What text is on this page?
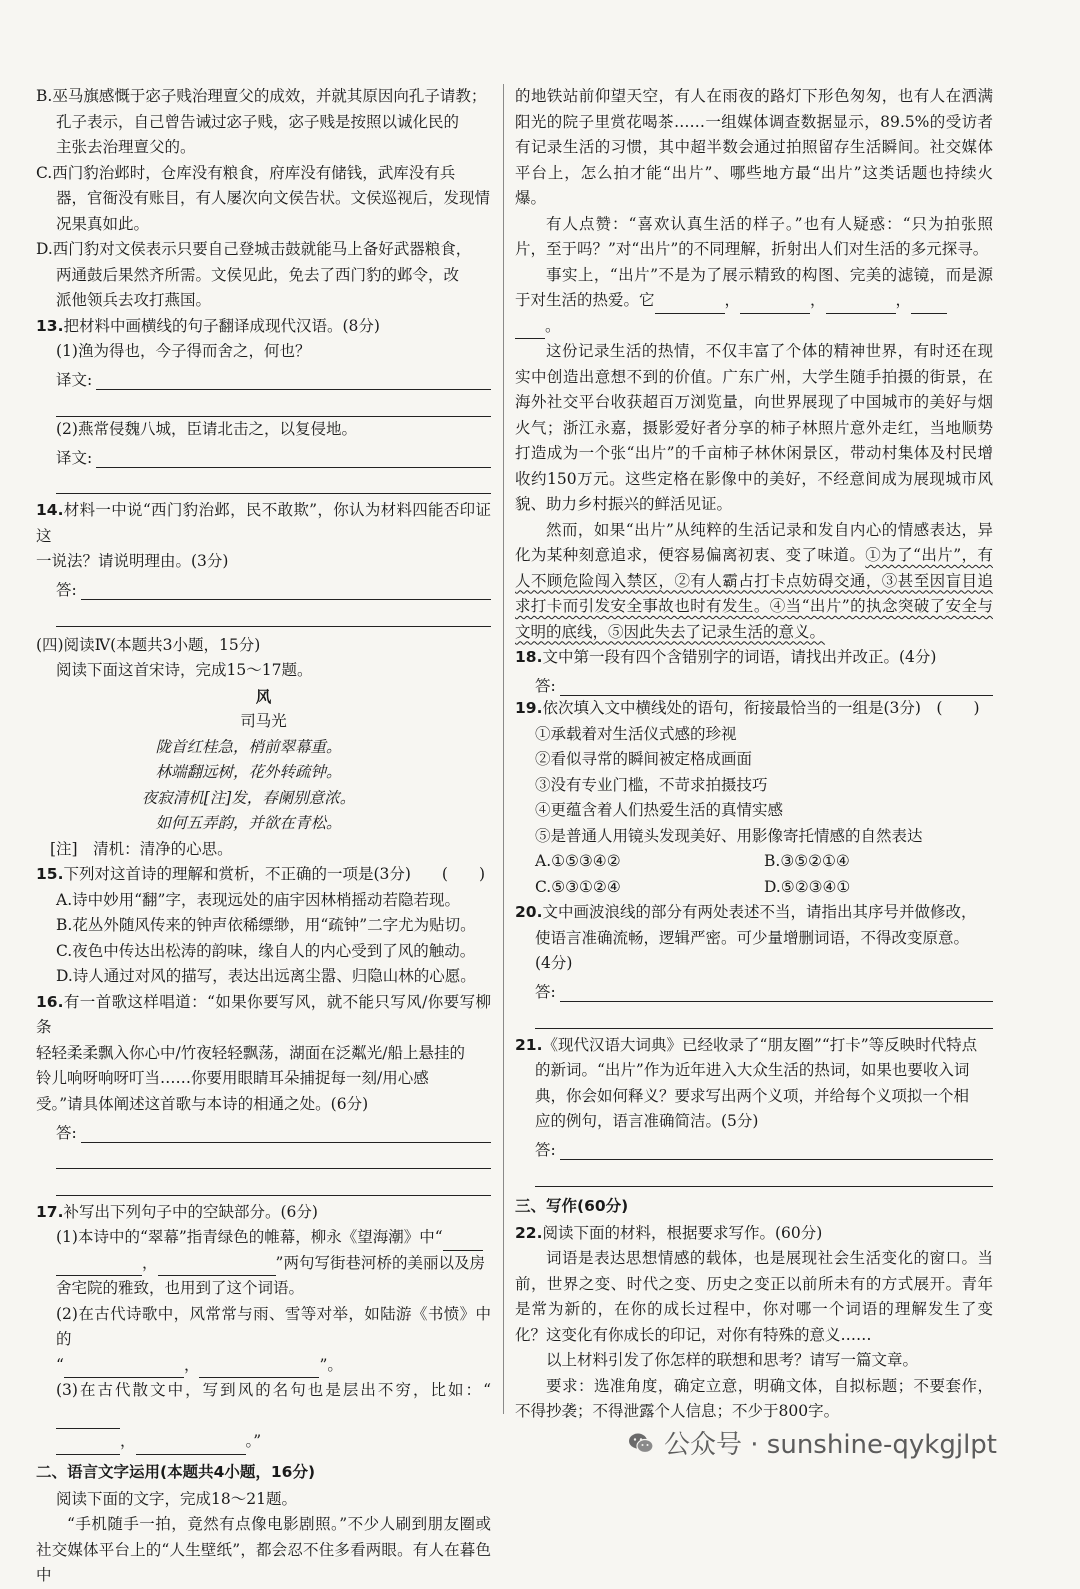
B.巫马旗感慨于宓子贱治理亶父的成效，并就其原因向孔子请教；
孔子表示，自己曾告诫过宓子贱，宓子贱是按照以诚化民的
主张去治理亶父的。

C.西门豹治邺时，仓库没有粮食，府库没有储钱，武库没有兵
器，官衙没有账目，有人屡次向文侯告状。文侯巡视后，发现情
况果真如此。

D.西门豹对文侯表示只要自己登城击鼓就能马上备好武器粮食，
两通鼓后果然齐所需。文侯见此，免去了西门豹的邺令，改
派他领兵去攻打燕国。

13.把材料中画横线的句子翻译成现代汉语。(8分)

(1)渔为得也，今子得而舍之，何也？

译文:

(2)燕常侵魏八城，臣请北击之，以复侵地。

译文:

14.材料一中说“西门豹治邺，民不敢欺”，你认为材料四能否印证这
一说法？请说明理由。(3分)

答:

(四)阅读Ⅳ(本题共3小题，15分)

阅读下面这首宋诗，完成15～17题。

风

司马光

陇首红桂急，梢前翠幕重。

林端翻远树，花外转疏钟。

夜寂清机[注]发，春阑别意浓。

如何五弄韵，并欲在青松。

[注]　清机：清净的心思。

15.下列对这首诗的理解和赏析，不正确的一项是(3分)　　(　　)

A.诗中妙用“翻”字，表现远处的庙宇因林梢摇动若隐若现。

B.花丛外随风传来的钟声依稀缥缈，用“疏钟”二字尤为贴切。

C.夜色中传达出松涛的韵味，缘自人的内心受到了风的触动。

D.诗人通过对风的描写，表达出远离尘嚣、归隐山林的心愿。

16.有一首歌这样唱道：“如果你要写风，就不能只写风/你要写柳条
轻轻柔柔飘入你心中/竹夜轻轻飘荡，湖面在泛粼光/船上悬挂的
铃儿响呀响呀叮当……你要用眼睛耳朵捕捉每一刻/用心感
受。”请具体阐述这首歌与本诗的相通之处。(6分)

答:

17.补写出下列句子中的空缺部分。(6分)

(1)本诗中的“翠幕”指青绿色的帷幕，柳永《望海潮》中“
，	”两句写街巷河桥的美丽以及房
舍宅院的雅致，也用到了这个词语。

(2)在古代诗歌中，风常常与雨、雪等对举，如陆游《书愤》中的
“	，	”。

(3)在古代散文中，写到风的名句也是层出不穷，比如：“
，	。”

二、语言文字运用(本题共4小题，16分)

阅读下面的文字，完成18～21题。

“手机随手一拍，竟然有点像电影剧照。”不少人刷到朋友圈或社交媒体平台上的“人生壁纸”，都会忍不住多看两眼。有人在暮色中

的地铁站前仰望天空，有人在雨夜的路灯下形色匆匆，也有人在洒满阳光的院子里赏花喝茶……一组媒体调查数据显示，89.5%的受访者有记录生活的习惯，其中超半数会通过拍照留存生活瞬间。社交媒体平台上，怎么拍才能“出片”、哪些地方最“出片”这类话题也持续火爆。

有人点赞：“喜欢认真生活的样子。”也有人疑惑：“只为拍张照片，至于吗？”对“出片”的不同理解，折射出人们对生活的多元探寻。

事实上，“出片”不是为了展示精致的构图、完美的滤镜，而是源于对生活的热爱。它	，	，	，
。

这份记录生活的热情，不仅丰富了个体的精神世界，有时还在现实中创造出意想不到的价值。广东广州，大学生随手拍摄的街景，在海外社交平台收获超百万浏览量，向世界展现了中国城市的美好与烟火气；浙江永嘉，摄影爱好者分享的柿子林照片意外走红，当地顺势打造成为一个张“出片”的千亩柿子林休闲景区，带动村集体及村民增收约150万元。这些定格在影像中的美好，不经意间成为展现城市风貌、助力乡村振兴的鲜活见证。

然而，如果“出片”从纯粹的生活记录和发自内心的情感表达，异化为某种刻意追求，便容易偏离初衷、变了味道。①为了“出片”，有人不顾危险闯入禁区，②有人霸占打卡点妨碍交通，③甚至因盲目追求打卡而引发安全事故也时有发生。④当“出片”的执念突破了安全与文明的底线，⑤因此失去了记录生活的意义。

18.文中第一段有四个含错别字的词语，请找出并改正。(4分)

答:

19.依次填入文中横线处的语句，衔接最恰当的一组是(3分)　(　　)

①承载着对生活仪式感的珍视

②看似寻常的瞬间被定格成画面

③没有专业门槛，不苛求拍摄技巧

④更蕴含着人们热爱生活的真情实感

⑤是普通人用镜头发现美好、用影像寄托情感的自然表达

A.①⑤③④②	B.③⑤②①④
C.⑤③①②④	D.⑤②③④①

20.文中画波浪线的部分有两处表述不当，请指出其序号并做修改，
使语言准确流畅，逻辑严密。可少量增删词语，不得改变原意。
(4分)

答:

21.《现代汉语大词典》已经收录了“朋友圈”“打卡”等反映时代特点
的新词。“出片”作为近年进入大众生活的热词，如果也要收入词
典，你会如何释义？要求写出两个义项，并给每个义项拟一个相
应的例句，语言准确简洁。(5分)

答:

三、写作(60分)

22.阅读下面的材料，根据要求写作。(60分)

词语是表达思想情感的载体，也是展现社会生活变化的窗口。当前，世界之变、时代之变、历史之变正以前所未有的方式展开。青年是常为新的，在你的成长过程中，你对哪一个词语的理解发生了变化？这变化有你成长的印记，对你有特殊的意义……

以上材料引发了你怎样的联想和思考？请写一篇文章。

要求：选准角度，确定立意，明确文体，自拟标题；不要套作，不得抄袭；不得泄露个人信息；不少于800字。

公众号 · sunshine-qykgjlpt
